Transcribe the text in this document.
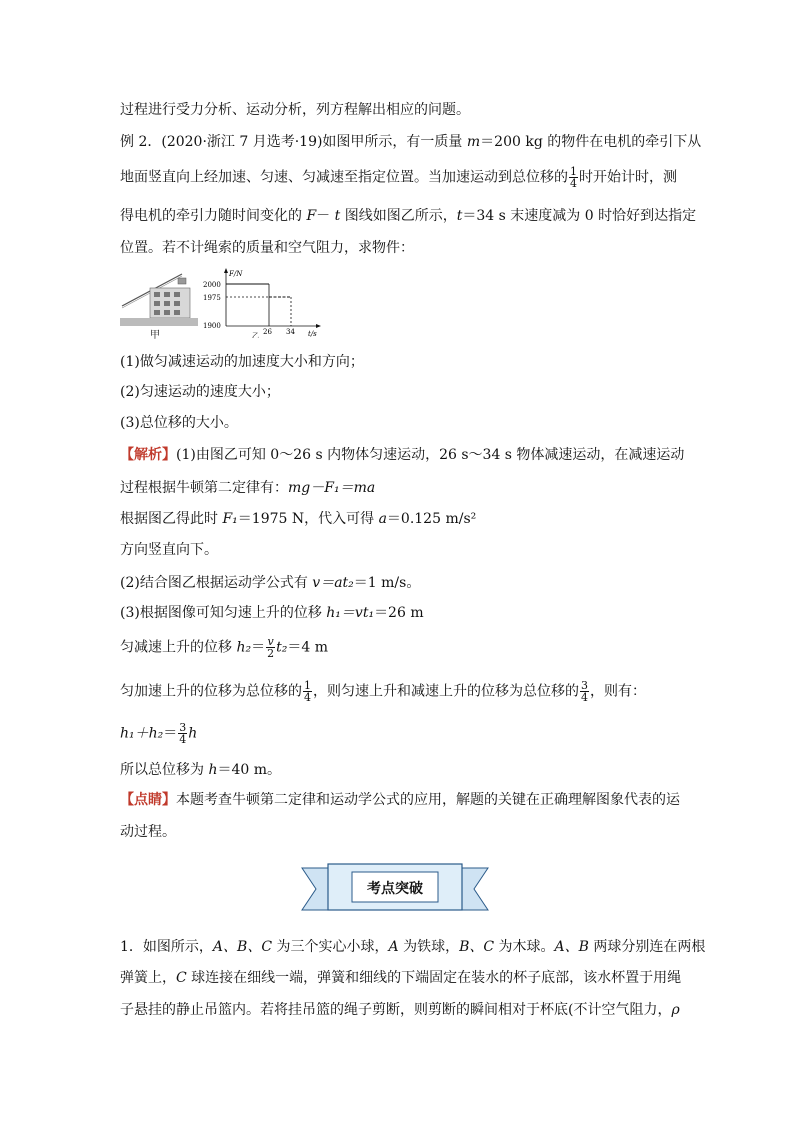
过程进行受力分析、运动分析，列方程解出相应的问题。
例 2．(2020·浙江 7 月选考·19)如图甲所示，有一质量 m＝200 kg 的物件在电机的牵引下从
地面竖直向上经加速、匀速、匀减速至指定位置。当加速运动到总位移的 $\frac{1}{4}$ 时开始计时，测
得电机的牵引力随时间变化的 F－ t 图线如图乙所示，t＝34 s 末速度减为 0 时恰好到达指定
位置。若不计绳索的质量和空气阻力，求物件：
甲
F/N
t/s
2000
1975
1900
26 34
乙
(1)做匀减速运动的加速度大小和方向；
(2)匀速运动的速度大小；
(3)总位移的大小。
【解析】(1)由图乙可知 0～26 s 内物体匀速运动，26 s～34 s 物体减速运动，在减速运动
过程根据牛顿第二定律有：mg－F₁＝ma
根据图乙得此时 F₁＝1975 N，代入可得 a＝0.125 m/s²
方向竖直向下。
(2)结合图乙根据运动学公式有 v＝at₂＝1 m/s。
(3)根据图像可知匀速上升的位移 h₁＝vt₁＝26 m
匀减速上升的位移 $h_2= \frac{v}{2} t_2=4$ m
匀加速上升的位移为总位移的 $\frac{1}{4}$ ，则匀速上升和减速上升的位移为总位移的 $\frac{3}{4}$ ，则有：
$h_1+h_2= \frac{3}{4}$ h
所以总位移为 h＝40 m。
【点睛】本题考查牛顿第二定律和运动学公式的应用，解题的关键在正确理解图象代表的运
动过程。
考点突破
1．如图所示，A、B、C 为三个实心小球，A 为铁球，B、C 为木球。A、B 两球分别连在两根
弹簧上，C 球连接在细线一端，弹簧和细线的下端固定在装水的杯子底部，该水杯置于用绳
子悬挂的静止吊篮内。若将挂吊篮的绳子剪断，则剪断的瞬间相对于杯底(不计空气阻力，ρ
